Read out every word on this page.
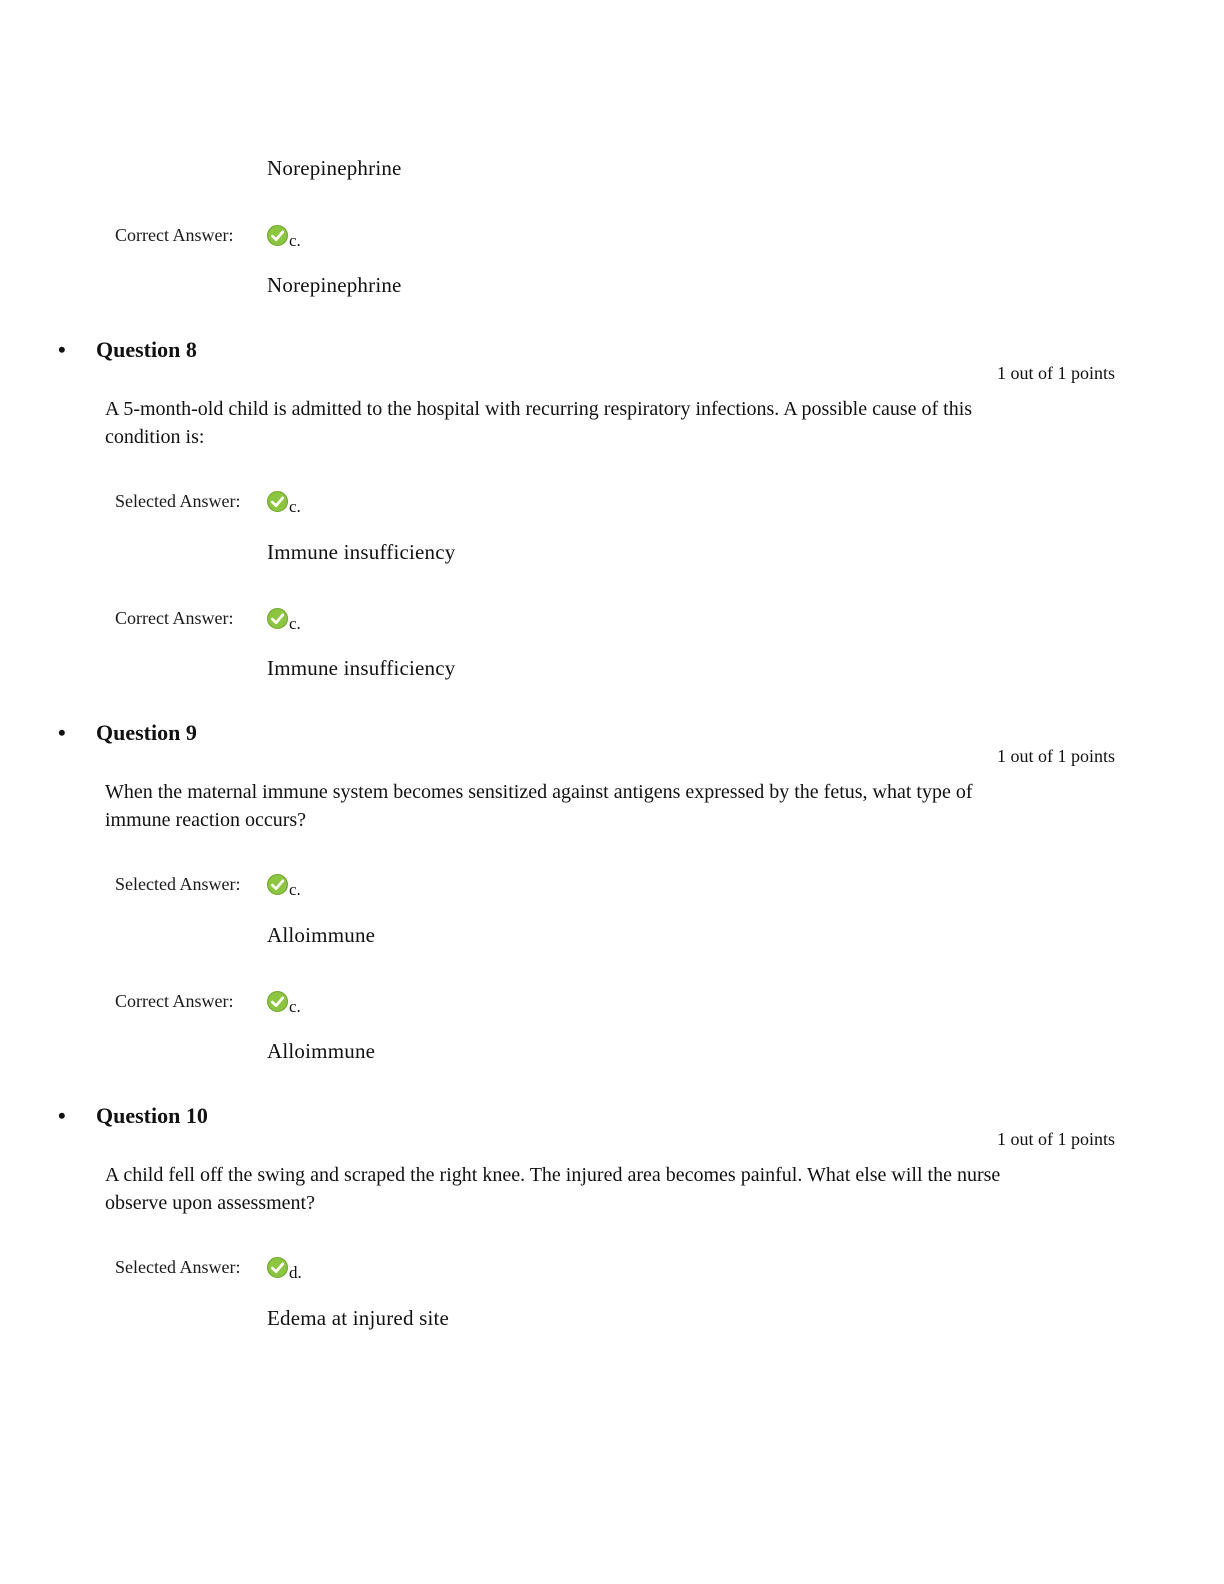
Norepinephrine
Correct Answer:	c.
Norepinephrine
• Question 8
1 out of 1 points
A 5-month-old child is admitted to the hospital with recurring respiratory infections. A possible cause of this condition is:
Selected Answer:	c.
Immune insufficiency
Correct Answer:	c.
Immune insufficiency
• Question 9
1 out of 1 points
When the maternal immune system becomes sensitized against antigens expressed by the fetus, what type of immune reaction occurs?
Selected Answer:	c.
Alloimmune
Correct Answer:	c.
Alloimmune
• Question 10
1 out of 1 points
A child fell off the swing and scraped the right knee. The injured area becomes painful. What else will the nurse observe upon assessment?
Selected Answer:	d.
Edema at injured site
